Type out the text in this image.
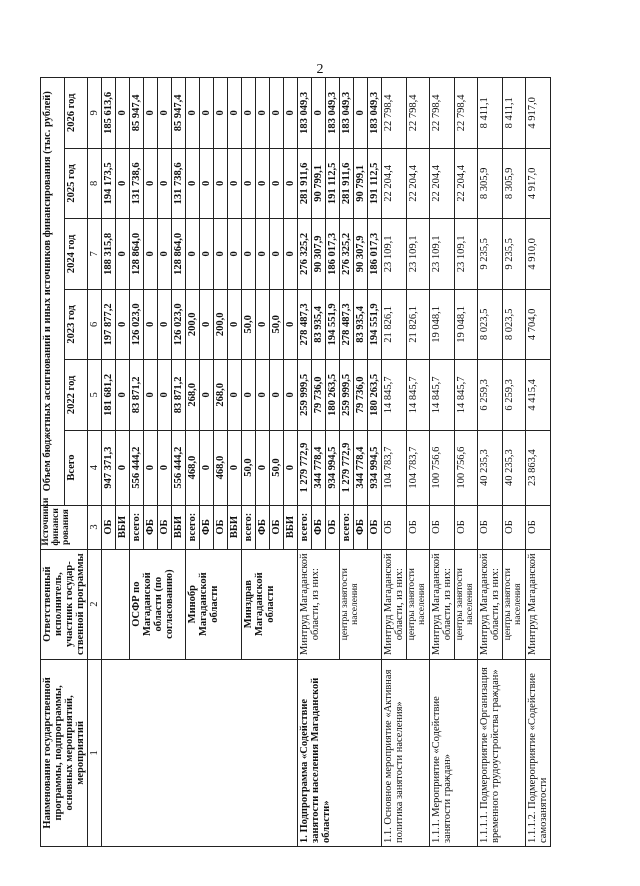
2
Наименование государственной программы, подпрограммы, основных мероприятий, мероприятий	Ответственный исполнитель, участник государ-ственной программы	Источники финанси рования	Объем бюджетных ассигнований и иных источников финансирования (тыс. рублей)					
			Всего	2022 год	2023 год	2024 год	2025 год	2026 год
1	2	3	4	5	6	7	8	9
		ОБ	947 371,3	181 681,2	197 877,2	188 315,8	194 173,5	185 613,6
		ВБИ	0	0	0	0	0	0
	ОСФР по Магаданской области (по согласованию)	всего:	556 444,2	83 871,2	126 023,0	128 864,0	131 738,6	85 947,4
		ФБ	0	0	0	0	0	0
		ОБ	0	0	0	0	0	0
		ВБИ	556 444,2	83 871,2	126 023,0	128 864,0	131 738,6	85 947,4
	Минобр Магаданской области	всего:	468,0	268,0	200,0	0	0	0
		ФБ	0	0	0	0	0	0
		ОБ	468,0	268,0	200,0	0	0	0
		ВБИ	0	0	0	0	0	0
	Минздрав Магаданской области	всего:	50,0	0	50,0	0	0	0
		ФБ	0	0	0	0	0	0
		ОБ	50,0	0	50,0	0	0	0
		ВБИ	0	0	0	0	0	0
1. Подпрограмма «Содействие занятости населения Магаданской области»	Минтруд Магаданской области, из них:	всего:	1 279 772,9	259 999,5	278 487,3	276 325,2	281 911,6	183 049,3
		ФБ	344 778,4	79 736,0	83 935,4	90 307,9	90 799,1	0
		ОБ	934 994,5	180 263,5	194 551,9	186 017,3	191 112,5	183 049,3
	центры занятости населения	всего:	1 279 772,9	259 999,5	278 487,3	276 325,2	281 911,6	183 049,3
		ФБ	344 778,4	79 736,0	83 935,4	90 307,9	90 799,1	0
		ОБ	934 994,5	180 263,5	194 551,9	186 017,3	191 112,5	183 049,3
1.1. Основное мероприятие «Активная политика занятости населения»	Минтруд Магаданской области, из них:	ОБ	104 783,7	14 845,7	21 826,1	23 109,1	22 204,4	22 798,4
	центры занятости населения	ОБ	104 783,7	14 845,7	21 826,1	23 109,1	22 204,4	22 798,4
1.1.1. Мероприятие «Содействие занятости граждан»	Минтруд Магаданской области, из них:	ОБ	100 756,6	14 845,7	19 048,1	23 109,1	22 204,4	22 798,4
	центры занятости населения	ОБ	100 756,6	14 845,7	19 048,1	23 109,1	22 204,4	22 798,4
1.1.1.1. Подмероприятие «Организация временного трудоустройства граждан»	Минтруд Магаданской области, из них:	ОБ	40 235,3	6 259,3	8 023,5	9 235,5	8 305,9	8 411,1
	центры занятости населения	ОБ	40 235,3	6 259,3	8 023,5	9 235,5	8 305,9	8 411,1
1.1.1.2. Подмероприятие «Содействие самозанятости	Минтруд Магаданской	ОБ	23 863,4	4 415,4	4 704,0	4 910,0	4 917,0	4 917,0
